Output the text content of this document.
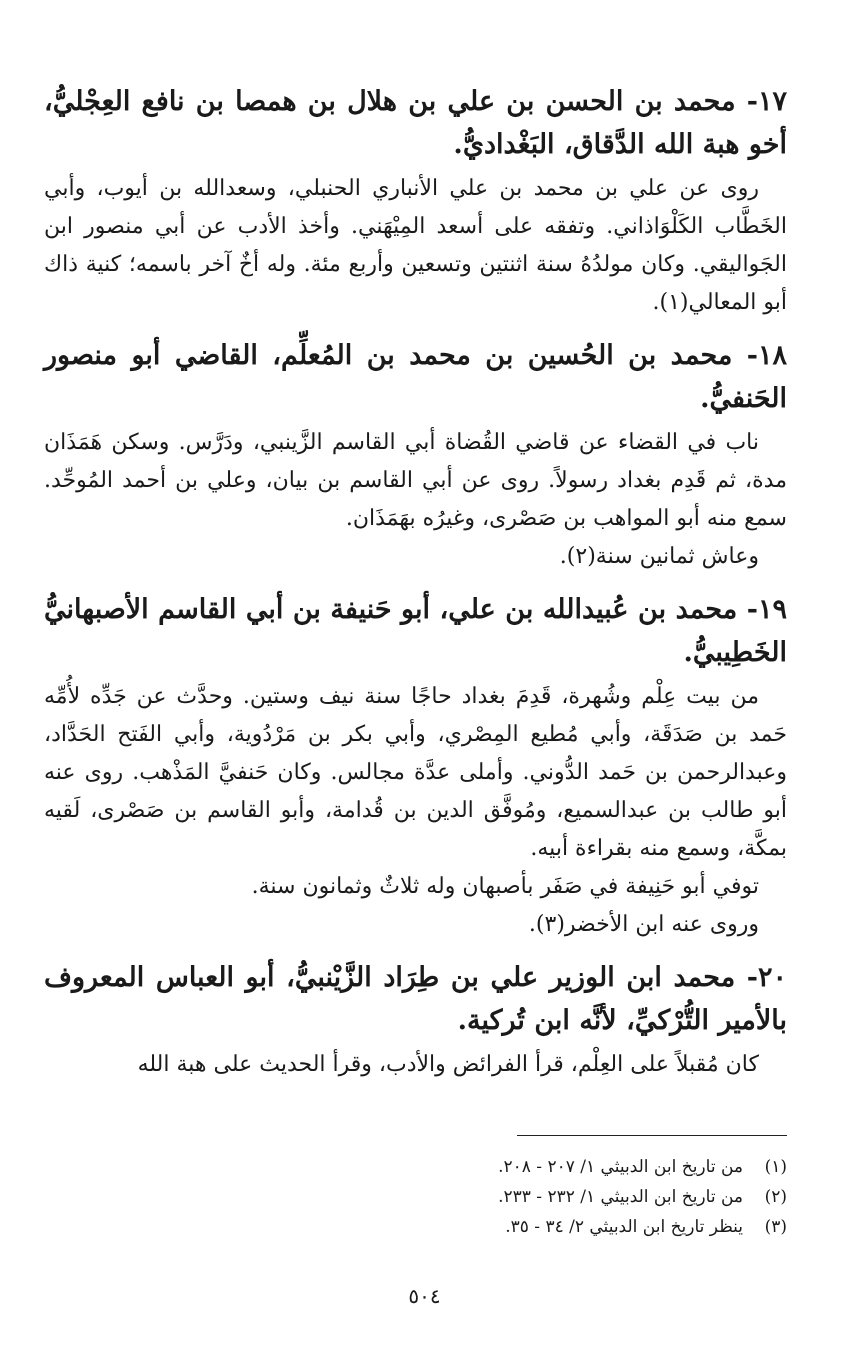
١٧- محمد بن الحسن بن علي بن هلال بن همصا بن نافع العِجْليُّ، أخو هبة الله الدَّقاق، البَغْداديُّ.

روى عن علي بن محمد بن علي الأنباري الحنبلي، وسعدالله بن أيوب، وأبي الخَطَّاب الكَلْوَاذاني. وتفقه على أسعد المِيْهَني. وأخذ الأدب عن أبي منصور ابن الجَواليقي. وكان مولدُهُ سنة اثنتين وتسعين وأربع مئة. وله أخٌ آخر باسمه؛ كنية ذاك أبو المعالي(١).

١٨- محمد بن الحُسين بن محمد بن المُعلِّم، القاضي أبو منصور الحَنفيُّ.

ناب في القضاء عن قاضي القُضاة أبي القاسم الزَّينبي، ودَرَّس. وسكن هَمَذَان مدة، ثم قَدِم بغداد رسولاً. روى عن أبي القاسم بن بيان، وعلي بن أحمد المُوحِّد. سمع منه أبو المواهب بن صَصْرى، وغيرُه بهَمَذَان.

وعاش ثمانين سنة(٢).

١٩- محمد بن عُبيدالله بن علي، أبو حَنيفة بن أبي القاسم الأصبهانيُّ الخَطِيبيُّ.

من بيت عِلْم وشُهرة، قَدِمَ بغداد حاجًا سنة نيف وستين. وحدَّث عن جَدِّه لأُمِّه حَمد بن صَدَقَة، وأبي مُطيع المِصْري، وأبي بكر بن مَرْدُوية، وأبي الفَتح الحَدَّاد، وعبدالرحمن بن حَمد الدُّوني. وأملى عدَّة مجالس. وكان حَنفيَّ المَذْهب. روى عنه أبو طالب بن عبدالسميع، ومُوفَّق الدين بن قُدامة، وأبو القاسم بن صَصْرى، لَقيه بمكَّة، وسمع منه بقراءة أبيه.

توفي أبو حَنِيفة في صَفَر بأصبهان وله ثلاثٌ وثمانون سنة.

وروى عنه ابن الأخضر(٣).

٢٠- محمد ابن الوزير علي بن طِرَاد الزَّيْنبيُّ، أبو العباس المعروف بالأمير التُّرْكيِّ، لأنَّه ابن تُركية.

كان مُقبلاً على العِلْم، قرأ الفرائض والأدب، وقرأ الحديث على هبة الله

(١)
من تاريخ ابن الدبيثي ١/ ٢٠٧ - ٢٠٨.
(٢)
من تاريخ ابن الدبيثي ١/ ٢٣٢ - ٢٣٣.
(٣)
ينظر تاريخ ابن الدبيثي ٢/ ٣٤ - ٣٥.
٥٠٤
